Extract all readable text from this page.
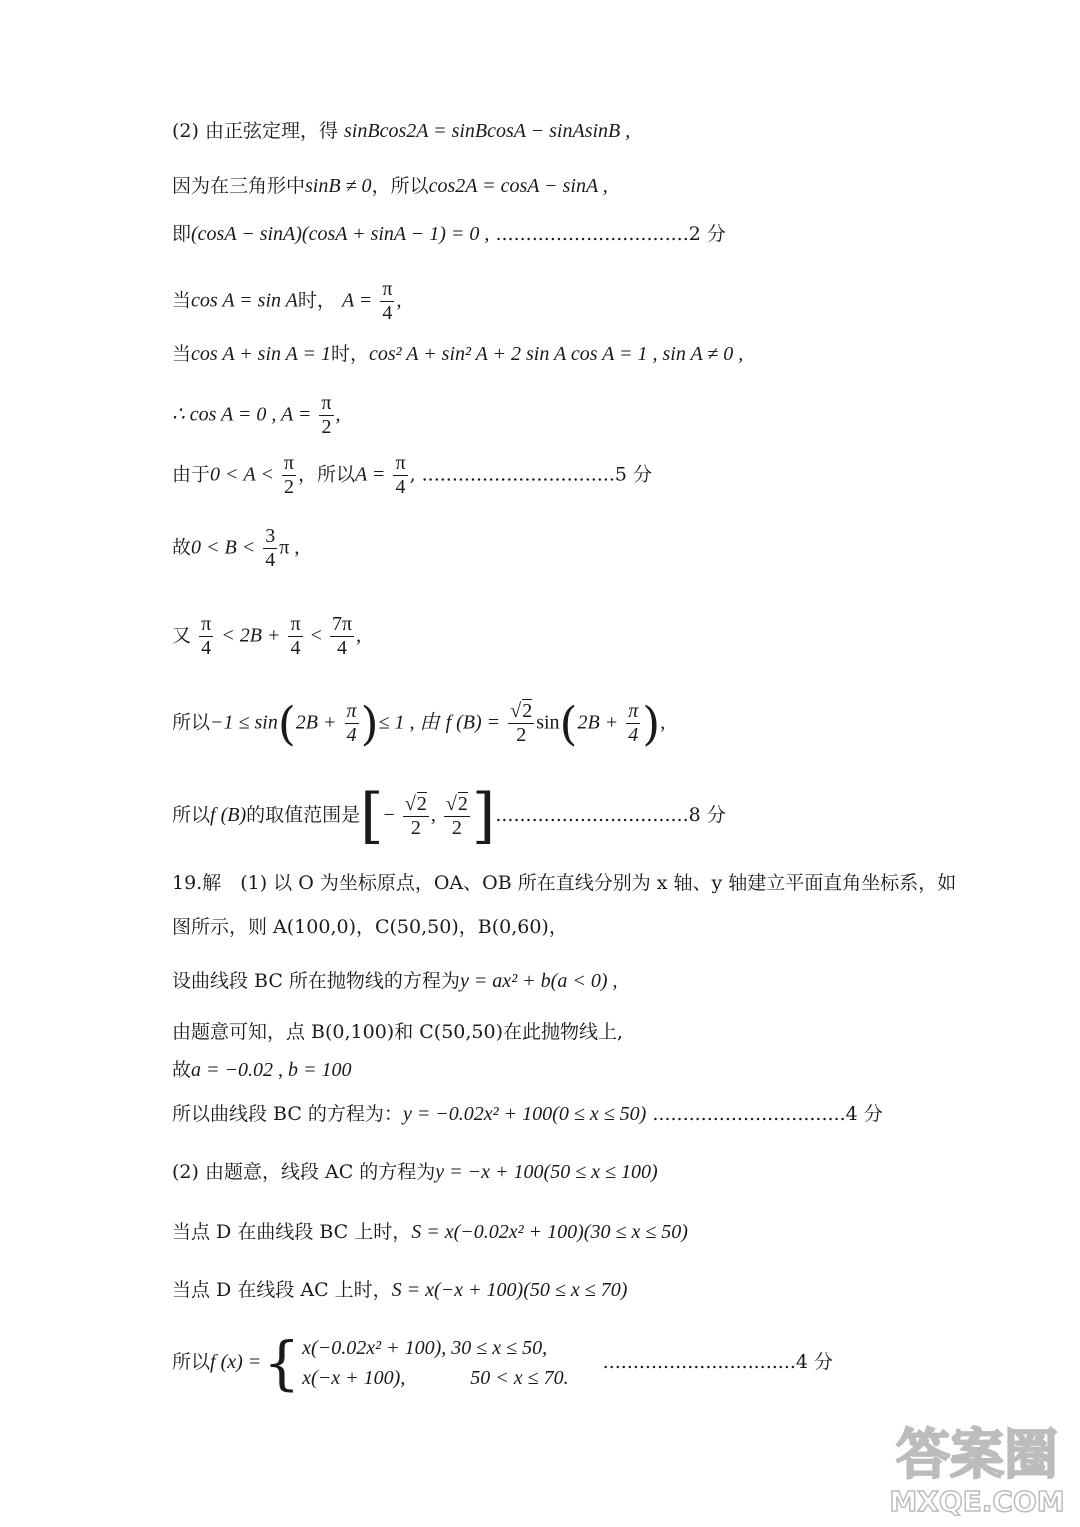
(2) 由正弦定理，得 sinBcos2A = sinBcosA − sinAsinB ,
因为在三角形中sinB ≠ 0，所以cos2A = cosA − sinA ,
即(cosA − sinA)(cosA + sinA − 1) = 0 , ................................2 分
当cos A = sin A时， $A = \frac{\pi}{4}$ ,
当cos A + sin A = 1时，cos² A + sin² A + 2 sin A cos A = 1 , sin A ≠ 0 ,
∴ cos A = 0 , $A = \frac{\pi}{2}$ ,
由于$0 < A < \frac{\pi}{2}$ ，所以$A = \frac{\pi}{4}$ , ................................5 分
故$0 < B < \frac{3}{4}$ π ,
又 $\frac{\pi}{4} < 2B + \frac{\pi}{4} < \frac{7\pi}{4}$ ,
所以$-1 \le \sin(2B + \frac{\pi}{4}$ )≤ 1 , 由 f (B) = √ $\frac{2}{2} \sin(2B + \frac{\pi}{4}$ ),
所以f (B)的取值范围是[− √ $\frac{2}{2}$ , √ $\frac{2}{2} ]................................8$ 分
19.解　(1) 以 O 为坐标原点，OA、OB 所在直线分别为 x 轴、y 轴建立平面直角坐标系，如
图所示，则 A(100,0)，C(50,50)，B(0,60)，
设曲线段 BC 所在抛物线的方程为y = ax² + b(a < 0) ,
由题意可知，点 B(0,100)和 C(50,50)在此抛物线上,
故a = −0.02 , b = 100
所以曲线段 BC 的方程为：y = −0.02x² + 100(0 ≤ x ≤ 50) ................................4 分
(2) 由题意，线段 AC 的方程为y = −x + 100(50 ≤ x ≤ 100)
当点 D 在曲线段 BC 上时，S = x(−0.02x² + 100)(30 ≤ x ≤ 50)
当点 D 在线段 AC 上时，S = x(−x + 100)(50 ≤ x ≤ 70)
所以f (x) ={ x(−0.02x² + 100), 30 ≤ x ≤ 50,
x(−x + 100),　　　 50 < x ≤ 70.
................................4 分
答案圈
MXQE.COM
